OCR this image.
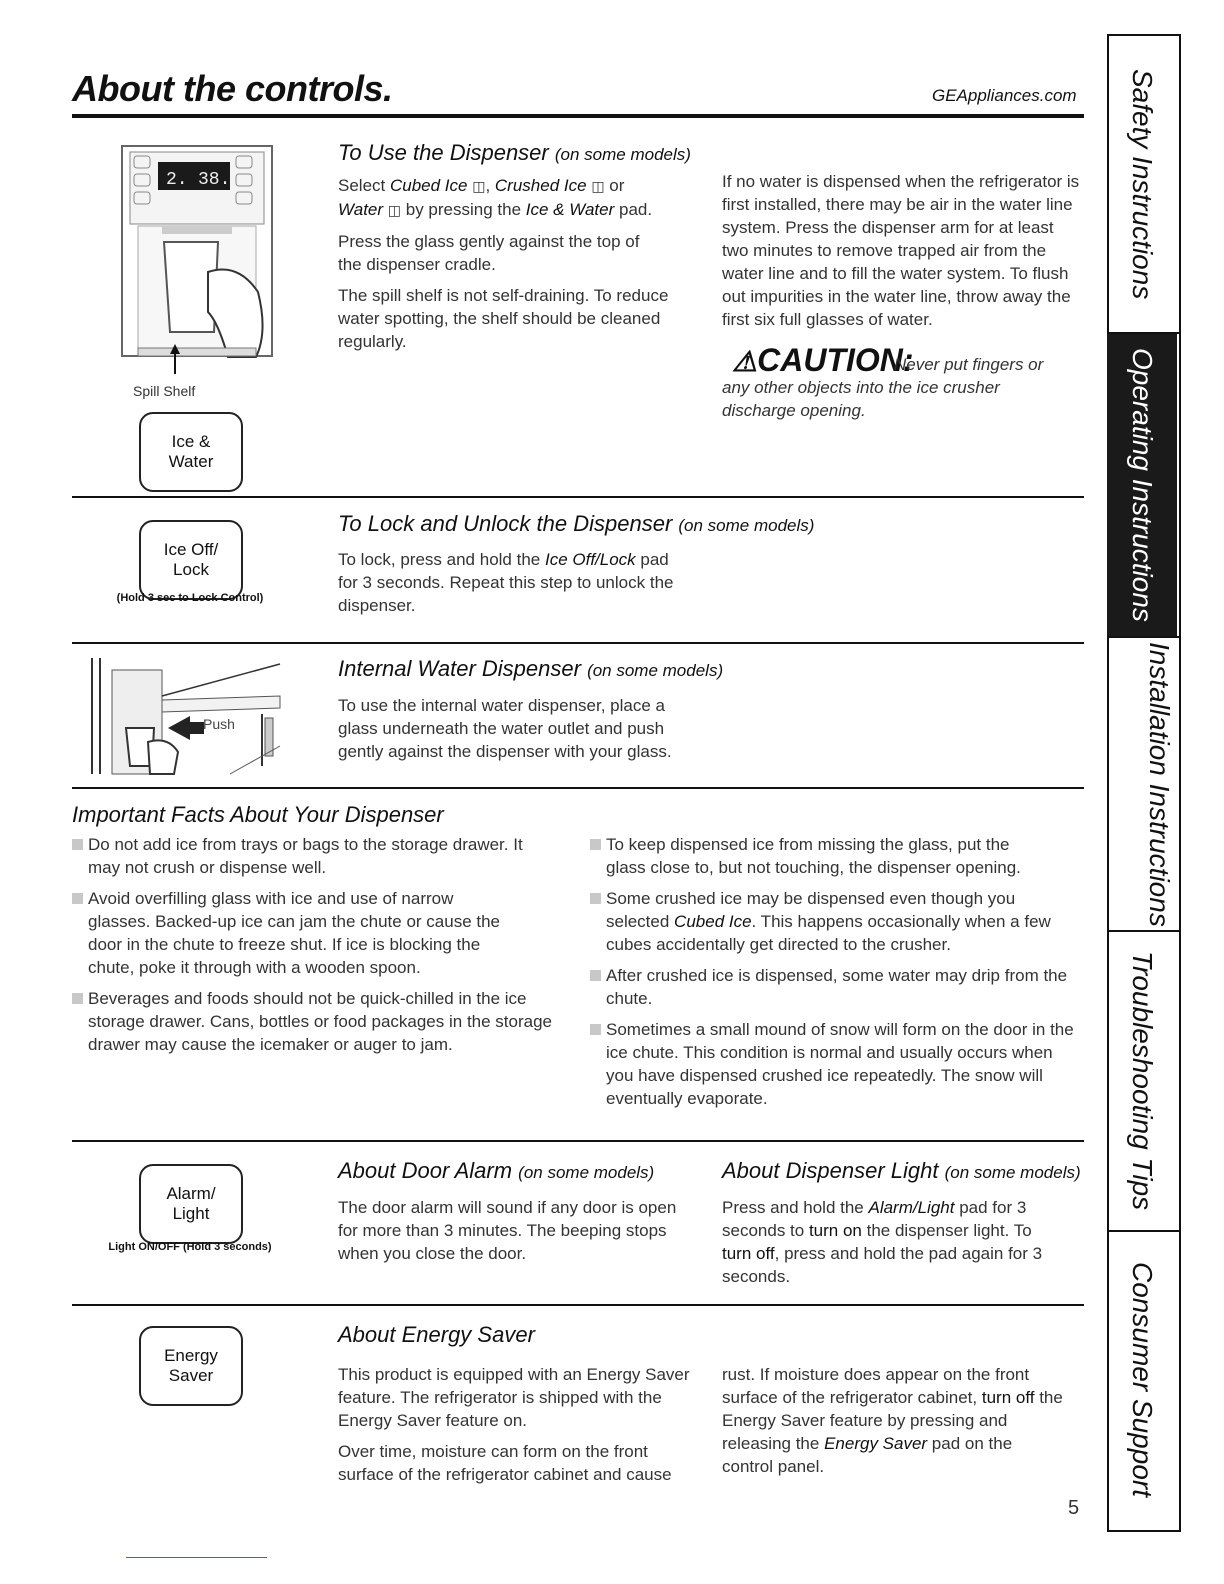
About the controls.	GEAppliances.com
2. 38.
Spill Shelf
Ice & Water
To Use the Dispenser (on some models)

Select Cubed Ice ◫, Crushed Ice ◫ or
Water ◫ by pressing the Ice & Water pad.

Press the glass gently against the top of the dispenser cradle.

The spill shelf is not self-draining. To reduce water spotting, the shelf should be cleaned regularly.

If no water is dispensed when the refrigerator is first installed, there may be air in the water line system. Press the dispenser arm for at least two minutes to remove trapped air from the water line and to fill the water system. To flush out impurities in the water line, throw away the first six full glasses of water.
⚠CAUTION:
Never put fingers or any other objects into the ice crusher discharge opening.
Ice Off/ Lock
(Hold 3 sec to Lock Control)
To Lock and Unlock the Dispenser (on some models)
To lock, press and hold the Ice Off/Lock pad for 3 seconds. Repeat this step to unlock the dispenser.
Push
Internal Water Dispenser (on some models)
To use the internal water dispenser, place a glass underneath the water outlet and push gently against the dispenser with your glass.
Important Facts About Your Dispenser

Do not add ice from trays or bags to the storage drawer. It may not crush or dispense well.

Avoid overfilling glass with ice and use of narrow glasses. Backed-up ice can jam the chute or cause the door in the chute to freeze shut. If ice is blocking the chute, poke it through with a wooden spoon.

Beverages and foods should not be quick-chilled in the ice storage drawer. Cans, bottles or food packages in the storage drawer may cause the icemaker or auger to jam.

To keep dispensed ice from missing the glass, put the glass close to, but not touching, the dispenser opening.

Some crushed ice may be dispensed even though you selected Cubed Ice. This happens occasionally when a few cubes accidentally get directed to the crusher.

After crushed ice is dispensed, some water may drip from the chute.

Sometimes a small mound of snow will form on the door in the ice chute. This condition is normal and usually occurs when you have dispensed crushed ice repeatedly. The snow will eventually evaporate.

Alarm/ Light
Light ON/OFF (Hold 3 seconds)
About Door Alarm (on some models)
The door alarm will sound if any door is open for more than 3 minutes. The beeping stops when you close the door.
About Dispenser Light (on some models)
Press and hold the Alarm/Light pad for 3 seconds to turn on the dispenser light. To turn off, press and hold the pad again for 3 seconds.
Energy Saver
About Energy Saver

This product is equipped with an Energy Saver feature. The refrigerator is shipped with the Energy Saver feature on.

Over time, moisture can form on the front surface of the refrigerator cabinet and cause

rust. If moisture does appear on the front surface of the refrigerator cabinet, turn off the Energy Saver feature by pressing and releasing the Energy Saver pad on the control panel.
Safety Instructions
Operating Instructions
Installation Instructions
Troubleshooting Tips
Consumer Support
5
